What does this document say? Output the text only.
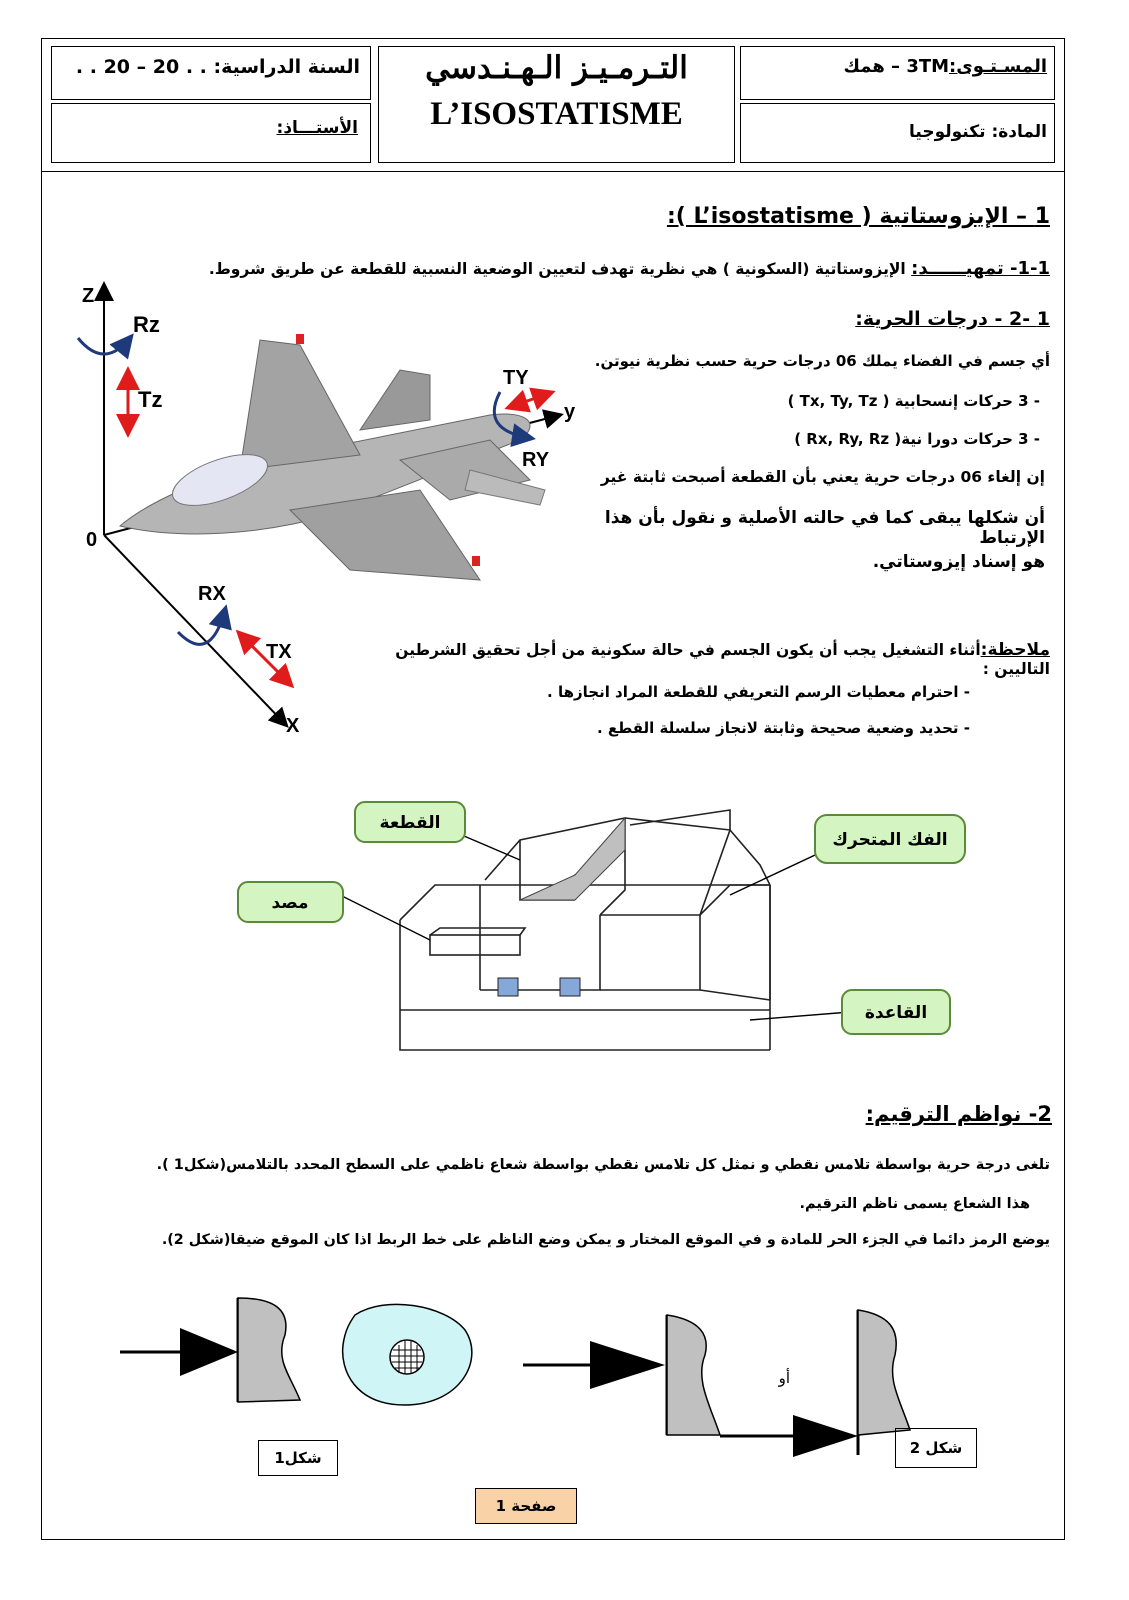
السنة الدراسية: . . 20 – 20 . .
الأستـــاذ:
التـرمـيـز الـهـنـدسي
L’ISOSTATISME
المسـتـوى:3TM – همك
المادة: تكنولوجيا
1 – الإيزوستاتية ( L’isostatisme ):
1-1- تمهيــــــد: الإيزوستاتية (السكونية ) هي نظرية تهدف لتعيين الوضعية النسبية للقطعة عن طريق شروط.
1 -2 - درجات الحرية:
أي جسم في الفضاء يملك 06 درجات حرية حسب نظرية نيوتن.
- 3 حركات إنسحابية ( Tx, Ty, Tz )
- 3 حركات دورا نية( Rx, Ry, Rz )
إن إلغاء 06 درجات حرية يعني بأن القطعة أصبحت ثابتة غير
أن شكلها يبقى كما في حالته الأصلية و نقول بأن هذا الإرتباط
هو إسناد إيزوستاتي.
ملاحظة:أثناء التشغيل يجب أن يكون الجسم في حالة سكونية من أجل تحقيق الشرطين التاليين :
- احترام معطيات الرسم التعريفي للقطعة المراد انجازها .
- تحديد وضعية صحيحة وثابتة لانجاز سلسلة القطع .
Z
Rz
Tz
0
TY
y
RY
RX
TX
X
القطعة
الفك المتحرك
مصد
القاعدة
2- نواظم الترقيم:
تلغى درجة حرية بواسطة تلامس نقطي و نمثل كل تلامس نقطي بواسطة شعاع ناظمي على السطح المحدد بالتلامس(شكل1 ).
هذا الشعاع يسمى ناظم الترقيم.
يوضع الرمز دائما في الجزء الحر للمادة و في الموقع المختار و يمكن وضع الناظم على خط الربط اذا كان الموقع ضيقا(شكل 2).
أو
شكل1
شكل 2
صفحة 1
